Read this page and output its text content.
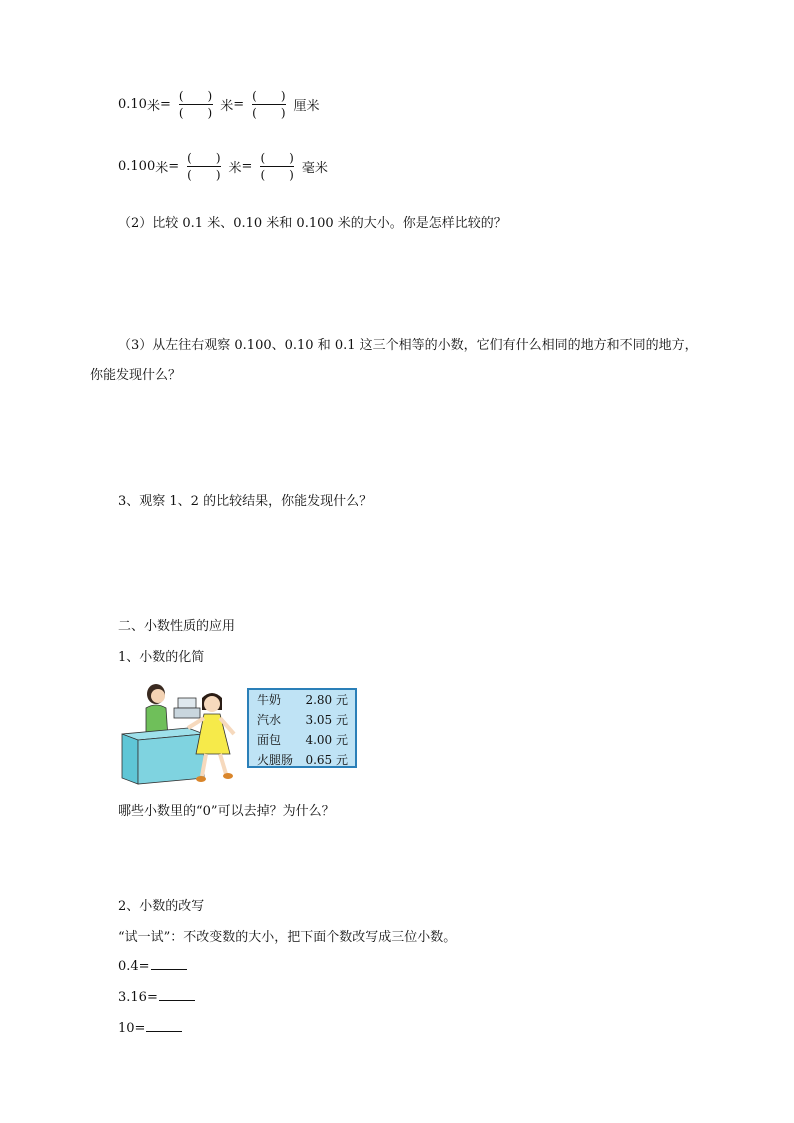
0.10 米 = $\frac{( )}{( )}$ 米 = $\frac{( )}{( )}$ 厘米
0.100 米 = $\frac{( )}{( )}$ 米 = $\frac{( )}{( )}$ 毫米
（2）比较 0.1 米、0.10 米和 0.100 米的大小。你是怎样比较的？
（3）从左往右观察 0.100、0.10 和 0.1 这三个相等的小数，它们有什么相同的地方和不同的地方，
你能发现什么？
3、观察 1、2 的比较结果，你能发现什么？
二、小数性质的应用
1、小数的化简
牛奶 2.80 元
汽水 3.05 元
面包 4.00 元
火腿肠 0.65 元
哪些小数里的“0”可以去掉？为什么？
2、小数的改写
“试一试”：不改变数的大小，把下面个数改写成三位小数。
0.4=
3.16=
10=
